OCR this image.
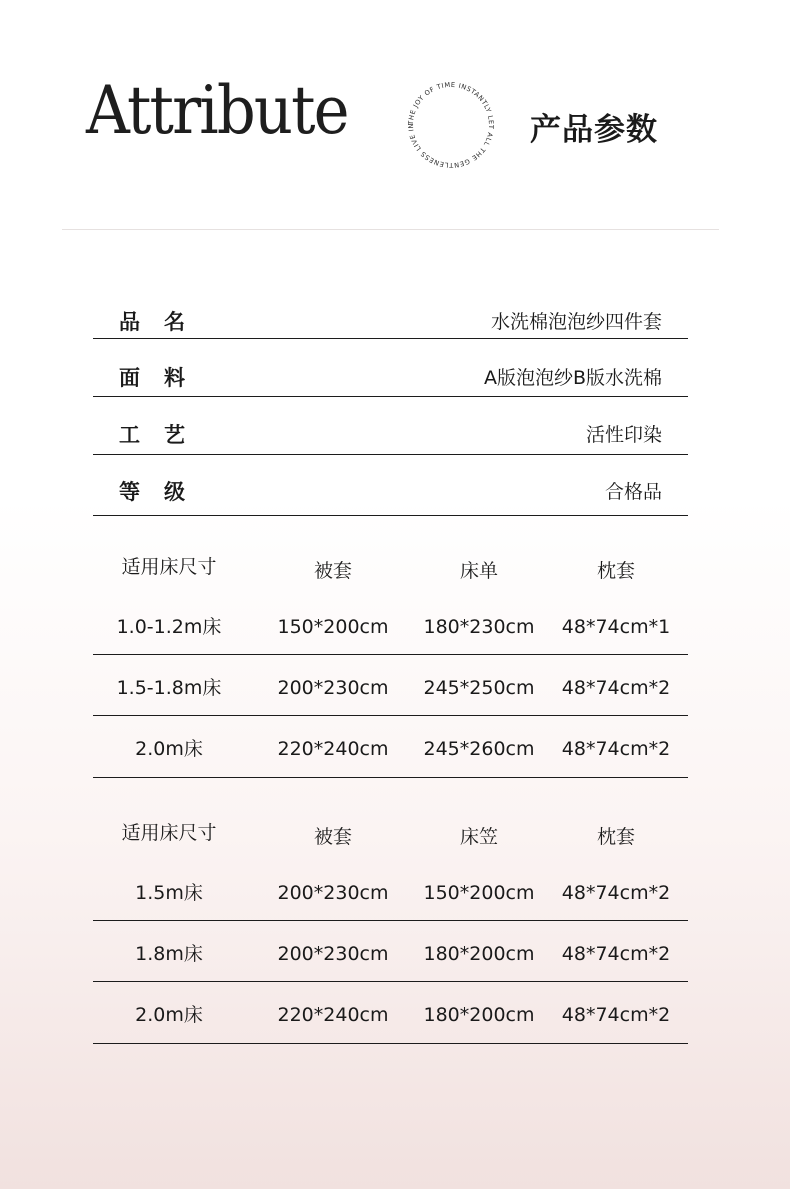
Attribute	THE JOY OF TIME INSTANTLY LET ALL THE GENTLENESS LIVE IN THE HOME
产品参数
品名	水洗棉泡泡纱四件套
面料	A版泡泡纱B版水洗棉
工艺	活性印染
等级	合格品
适用床尺寸	被套	床单	枕套
1.0-1.2m床	150*200cm	180*230cm	48*74cm*1
1.5-1.8m床	200*230cm	245*250cm	48*74cm*2
2.0m床	220*240cm	245*260cm	48*74cm*2
适用床尺寸	被套	床笠	枕套
1.5m床	200*230cm	150*200cm	48*74cm*2
1.8m床	200*230cm	180*200cm	48*74cm*2
2.0m床	220*240cm	180*200cm	48*74cm*2
